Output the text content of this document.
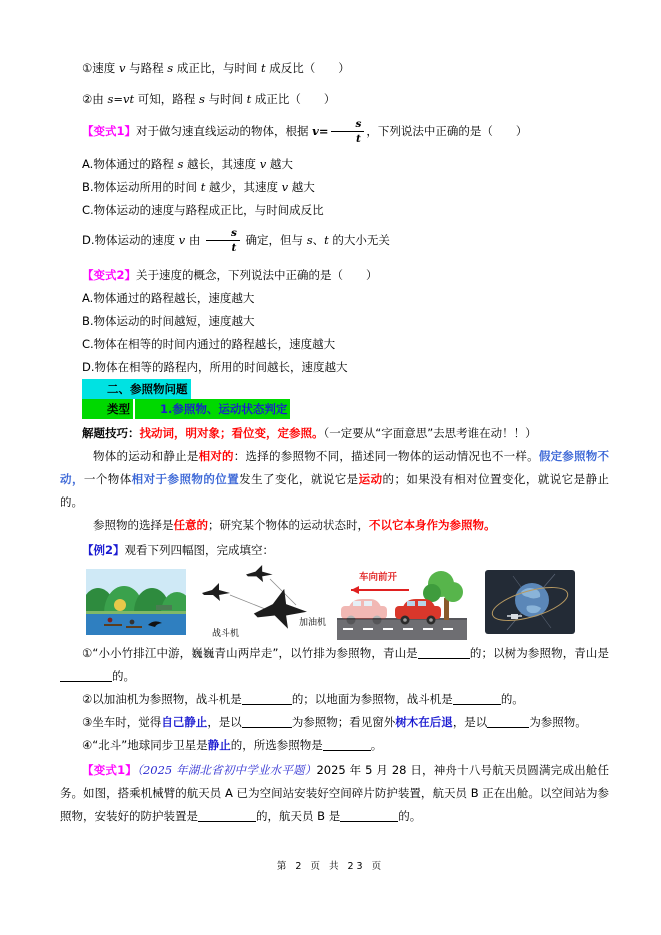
①速度 v 与路程 s 成正比，与时间 t 成反比（　　）

②由 s=vt 可知，路程 s 与时间 t 成正比（　　）

【变式1】对于做匀速直线运动的物体，根据 $v= \frac{s}{t}$ ，下列说法中正确的是（　　）

A.物体通过的路程 s 越长，其速度 v 越大

B.物体运动所用的时间 t 越少，其速度 v 越大

C.物体运动的速度与路程成正比，与时间成反比

D.物体运动的速度 v 由 $\frac{s}{t}$ 确定，但与 s、t 的大小无关

【变式2】关于速度的概念，下列说法中正确的是（　　）

A.物体通过的路程越长，速度越大

B.物体运动的时间越短，速度越大

C.物体在相等的时间内通过的路程越长，速度越大

D.物体在相等的路程内，所用的时间越长，速度越大

二、参照物问题

类型	1.参照物、运动状态判定

解题技巧：找动词，明对象；看位变，定参照。（一定要从“字面意思”去思考谁在动！！）

物体的运动和静止是相对的：选择的参照物不同，描述同一物体的运动情况也不一样。假定参照物不动，一个物体相对于参照物的位置发生了变化，就说它是运动的；如果没有相对位置变化，就说它是静止的。

参照物的选择是任意的；研究某个物体的运动状态时，不以它本身作为参照物。

【例2】观看下列四幅图，完成填空：

战斗机
加油机
车向前开

①“小小竹排江中游，巍巍青山两岸走”，以竹排为参照物，青山是	的；以树为参照物，青山是的。

②以加油机为参照物，战斗机是	的；以地面为参照物，战斗机是	的。

③坐车时，觉得自己静止，是以	为参照物；看见窗外树木在后退，是以	为参照物。

④“北斗”地球同步卫星是静止的，所选参照物是	。

【变式1】（2025 年湖北省初中学业水平题）2025 年 5 月 28 日，神舟十八号航天员圆满完成出舱任务。如图，搭乘机械臂的航天员 A 已为空间站安装好空间碎片防护装置，航天员 B 正在出舱。以空间站为参照物，安装好的防护装置是	的，航天员 B 是	的。

第 2 页 共 23 页
